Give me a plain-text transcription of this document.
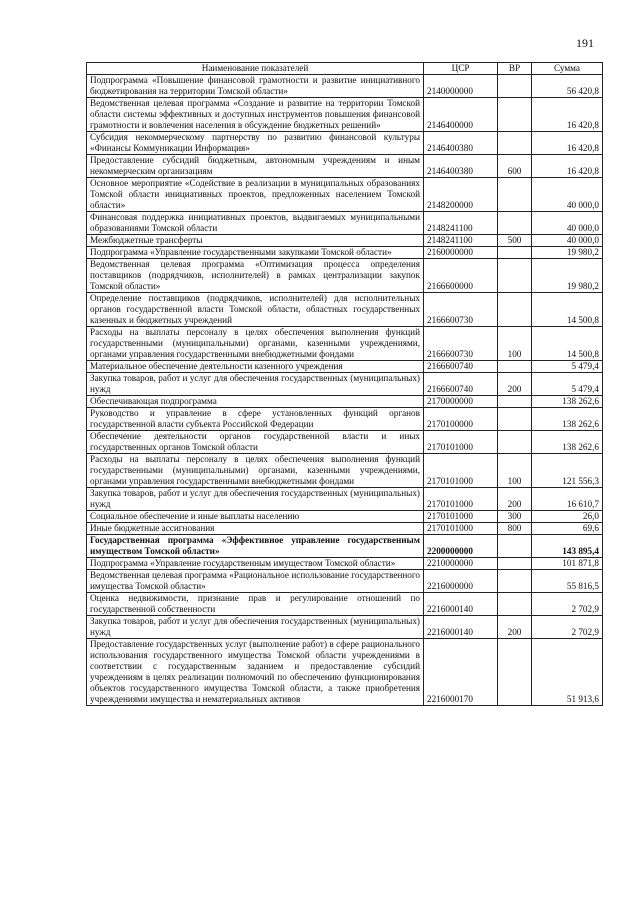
191
Наименование показателей	ЦСР	ВР	Сумма
Подпрограмма «Повышение финансовой грамотности и развитие инициативного бюджетирования на территории Томской области»	2140000000		56 420,8
Ведомственная целевая программа «Создание и развитие на территории Томской области системы эффективных и доступных инструментов повышения финансовой грамотности и вовлечения населения в обсуждение бюджетных решений»	2146400000		16 420,8
Субсидия некоммерческому партнерству по развитию финансовой культуры «Финансы Коммуникации Информация»	2146400380		16 420,8
Предоставление субсидий бюджетным, автономным учреждениям и иным некоммерческим организациям	2146400380	600	16 420,8
Основное мероприятие «Содействие в реализации в муниципальных образованиях Томской области инициативных проектов, предложенных населением Томской области»	2148200000		40 000,0
Финансовая поддержка инициативных проектов, выдвигаемых муниципальными образованиями Томской области	2148241100		40 000,0
Межбюджетные трансферты	2148241100	500	40 000,0
Подпрограмма «Управление государственными закупками Томской области»	2160000000		19 980,2
Ведомственная целевая программа «Оптимизация процесса определения поставщиков (подрядчиков, исполнителей) в рамках централизации закупок Томской области»	2166600000		19 980,2
Определение поставщиков (подрядчиков, исполнителей) для исполнительных органов государственной власти Томской области, областных государственных казенных и бюджетных учреждений	2166600730		14 500,8
Расходы на выплаты персоналу в целях обеспечения выполнения функций государственными (муниципальными) органами, казенными учреждениями, органами управления государственными внебюджетными фондами	2166600730	100	14 500,8
Материальное обеспечение деятельности казенного учреждения	2166600740		5 479,4
Закупка товаров, работ и услуг для обеспечения государственных (муниципальных) нужд	2166600740	200	5 479,4
Обеспечивающая подпрограмма	2170000000		138 262,6
Руководство и управление в сфере установленных функций органов государственной власти субъекта Российской Федерации	2170100000		138 262,6
Обеспечение деятельности органов государственной власти и иных государственных органов Томской области	2170101000		138 262,6
Расходы на выплаты персоналу в целях обеспечения выполнения функций государственными (муниципальными) органами, казенными учреждениями, органами управления государственными внебюджетными фондами	2170101000	100	121 556,3
Закупка товаров, работ и услуг для обеспечения государственных (муниципальных) нужд	2170101000	200	16 610,7
Социальное обеспечение и иные выплаты населению	2170101000	300	26,0
Иные бюджетные ассигнования	2170101000	800	69,6
Государственная программа «Эффективное управление государственным имуществом Томской области»	2200000000		143 895,4
Подпрограмма «Управление государственным имуществом Томской области»	2210000000		101 871,8
Ведомственная целевая программа «Рациональное использование государственного имущества Томской области»	2216000000		55 816,5
Оценка недвижимости, признание прав и регулирование отношений по государственной собственности	2216000140		2 702,9
Закупка товаров, работ и услуг для обеспечения государственных (муниципальных) нужд	2216000140	200	2 702,9
Предоставление государственных услуг (выполнение работ) в сфере рационального использования государственного имущества Томской области учреждениями в соответствии с государственным заданием и предоставление субсидий учреждениям в целях реализации полномочий по обеспечению функционирования объектов государственного имущества Томской области, а также приобретения учреждениями имущества и нематериальных активов	2216000170		51 913,6
